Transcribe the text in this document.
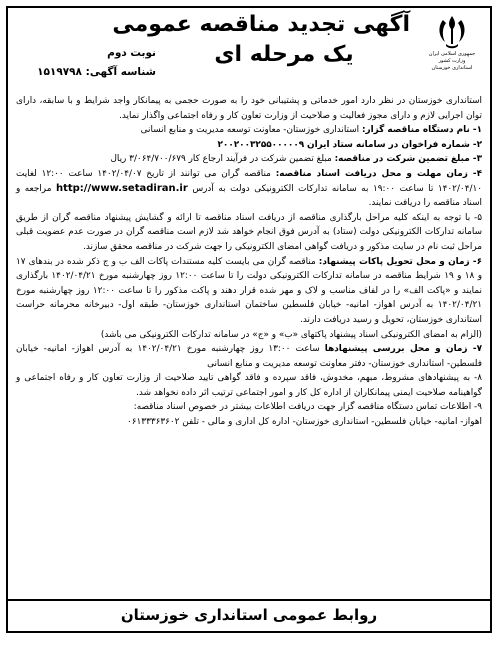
جمهوری اسلامی ایران
وزارت کشور
استانداری خوزستان
آگهی تجدید مناقصه عمومی
یک مرحله ای
نوبت دوم
شناسه آگهی: ۱۵۱۹۷۹۸

استانداری خوزستان در نظر دارد امور خدماتی و پشتیبانی خود را به صورت حجمی به پیمانکار واجد شرایط و با سابقه، دارای توان اجرایی لازم و دارای مجوز فعالیت و صلاحیت از وزارت تعاون کار و رفاه اجتماعی واگذار نماید.

۱- نام دستگاه مناقصه گزار: استانداری خوزستان- معاونت توسعه مدیریت و منابع انسانی

۲- شماره فراخوان در سامانه ستاد ایران ۲۰۰۲۰۰۳۲۵۵۰۰۰۰۰۹

۳- مبلغ تضمین شرکت در مناقصه: مبلغ تضمین شرکت در فرآیند ارجاع کار ۳/۰۶۴/۷۰۰/۶۷۹ ریال

۴- زمان مهلت و محل دریافت اسناد مناقصه: مناقصه گران می توانند از تاریخ ۱۴۰۲/۰۴/۰۷ ساعت ۱۲:۰۰ لغایت ۱۴۰۲/۰۴/۱۰ تا ساعت ۱۹:۰۰ به سامانه تدارکات الکترونیکی دولت به آدرس http://www.setadiran.ir مراجعه و اسناد مناقصه را دریافت نمایند.

۵- با توجه به اینکه کلیه مراحل بارگذاری مناقصه از دریافت اسناد مناقصه تا ارائه و گشایش پیشنهاد مناقصه گران از طریق سامانه تدارکات الکترونیکی دولت (ستاد) به آدرس فوق انجام خواهد شد لازم است مناقصه گران در صورت عدم عضویت قبلی مراحل ثبت نام در سایت مذکور و دریافت گواهی امضای الکترونیکی را جهت شرکت در مناقصه محقق سازند.

۶- زمان و محل تحویل پاکات پیشنهاد: مناقصه گران می بایست کلیه مستندات پاکات الف ب و ج ذکر شده در بندهای ۱۷ و ۱۸ و ۱۹ شرایط مناقصه در سامانه تدارکات الکترونیکی دولت را تا ساعت ۱۲:۰۰ روز چهارشنبه مورخ ۱۴۰۲/۰۴/۲۱ بارگذاری نمایند و «پاکت الف» را در لفاف مناسب و لاک و مهر شده قرار دهند و پاکت مذکور را تا ساعت ۱۲:۰۰ روز چهارشنبه مورخ ۱۴۰۲/۰۴/۲۱ به آدرس اهواز- امانیه- خیابان فلسطین ساختمان استانداری خوزستان- طبقه اول- دبیرخانه محرمانه حراست استانداری خوزستان، تحویل و رسید دریافت دارند.

(الزام به امضای الکترونیکی اسناد پیشنهاد پاکتهای «ب» و «ج» در سامانه تدارکات الکترونیکی می باشد)

۷- زمان و محل بررسی پیشنهادها ساعت ۱۳:۰۰ روز چهارشنبه مورخ ۱۴۰۲/۰۴/۲۱ به آدرس اهواز- امانیه- خیابان فلسطین- استانداری خوزستان- دفتر معاونت توسعه مدیریت و منابع انسانی

۸- به پیشنهادهای مشروط، مبهم، مخدوش، فاقد سپرده و فاقد گواهی تایید صلاحیت از وزارت تعاون کار و رفاه اجتماعی و گواهینامه صلاحیت ایمنی پیمانکاران از اداره کل کار و امور اجتماعی ترتیب اثر داده نخواهد شد.

۹- اطلاعات تماس دستگاه مناقصه گزار جهت دریافت اطلاعات بیشتر در خصوص اسناد مناقصه:

اهواز- امانیه- خیابان فلسطین- استانداری خوزستان- اداره کل اداری و مالی - تلفن ۰۶۱۳۳۳۶۳۶۰۲

روابط عمومی استانداری خوزستان
